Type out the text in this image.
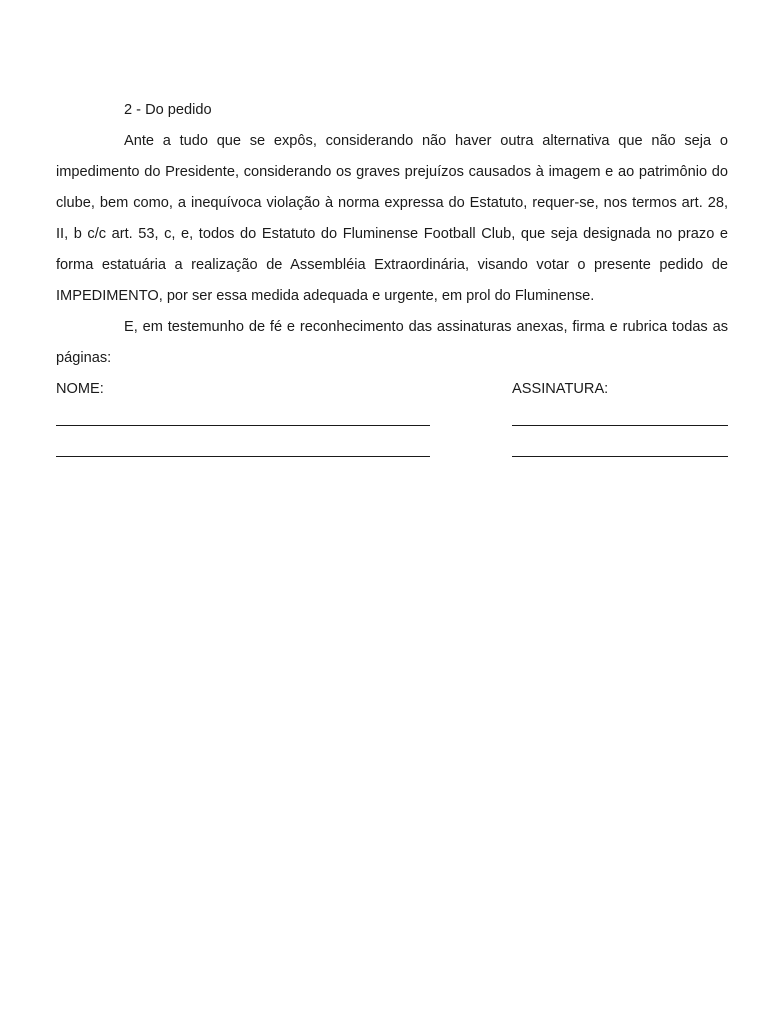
2 - Do pedido

Ante a tudo que se expôs, considerando não haver outra alternativa que não seja o impedimento do Presidente, considerando os graves prejuízos causados à imagem e ao patrimônio do clube, bem como, a inequívoca violação à norma expressa do Estatuto, requer-se, nos termos art. 28, II, b c/c art. 53, c, e, todos do Estatuto do Fluminense Football Club, que seja designada no prazo e forma estatuária a realização de Assembléia Extraordinária, visando votar o presente pedido de IMPEDIMENTO, por ser essa medida adequada e urgente, em prol do Fluminense.

E, em testemunho de fé e reconhecimento das assinaturas anexas, firma e rubrica todas as páginas:

NOME:	ASSINATURA:
